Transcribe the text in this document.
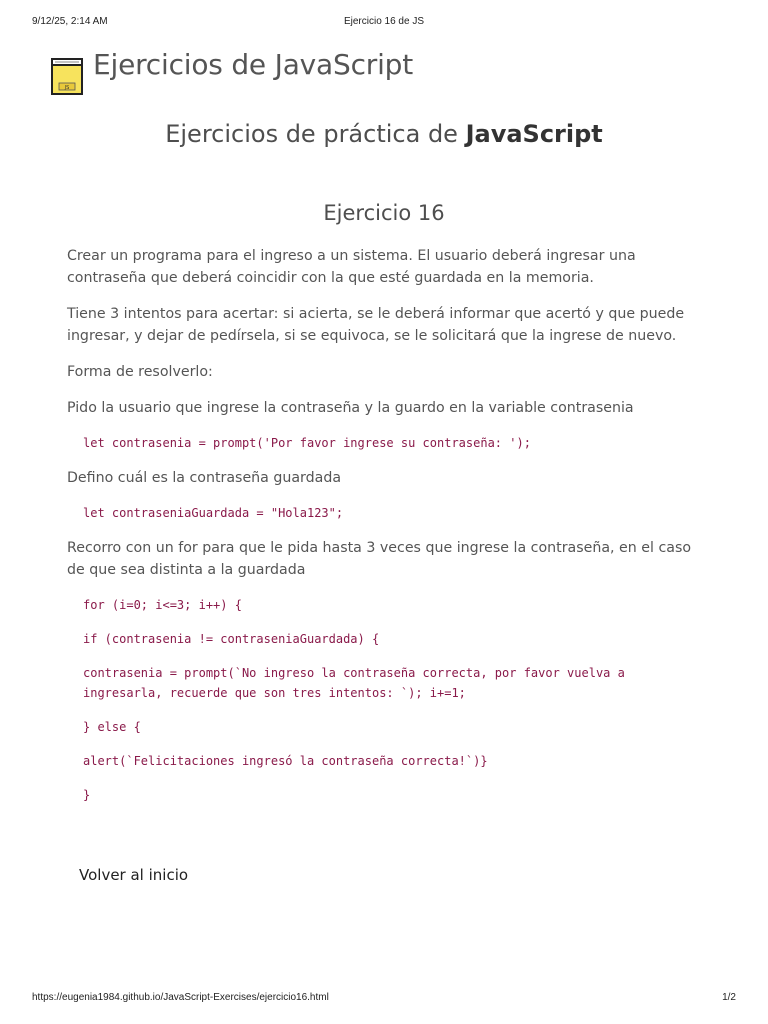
9/12/25, 2:14 AM	Ejercicio 16 de JS
JS
Ejercicios de JavaScript
Ejercicios de práctica de JavaScript
Ejercicio 16

Crear un programa para el ingreso a un sistema. El usuario deberá ingresar una contraseña que deberá coincidir con la que esté guardada en la memoria.

Tiene 3 intentos para acertar: si acierta, se le deberá informar que acertó y que puede ingresar, y dejar de pedírsela, si se equivoca, se le solicitará que la ingrese de nuevo.

Forma de resolverlo:

Pido la usuario que ingrese la contraseña y la guardo en la variable contrasenia

let contrasenia = prompt('Por favor ingrese su contraseña: ');

Defino cuál es la contraseña guardada

let contraseniaGuardada = "Hola123";

Recorro con un for para que le pida hasta 3 veces que ingrese la contraseña, en el caso de que sea distinta a la guardada

for (i=0; i<=3; i++) {
if (contrasenia != contraseniaGuardada) {
contrasenia = prompt(`No ingreso la contraseña correcta, por favor vuelva a ingresarla, recuerde que son tres intentos: `); i+=1;
} else {
alert(`Felicitaciones ingresó la contraseña correcta!`)}
}
Volver al inicio
https://eugenia1984.github.io/JavaScript-Exercises/ejercicio16.html	1/2
